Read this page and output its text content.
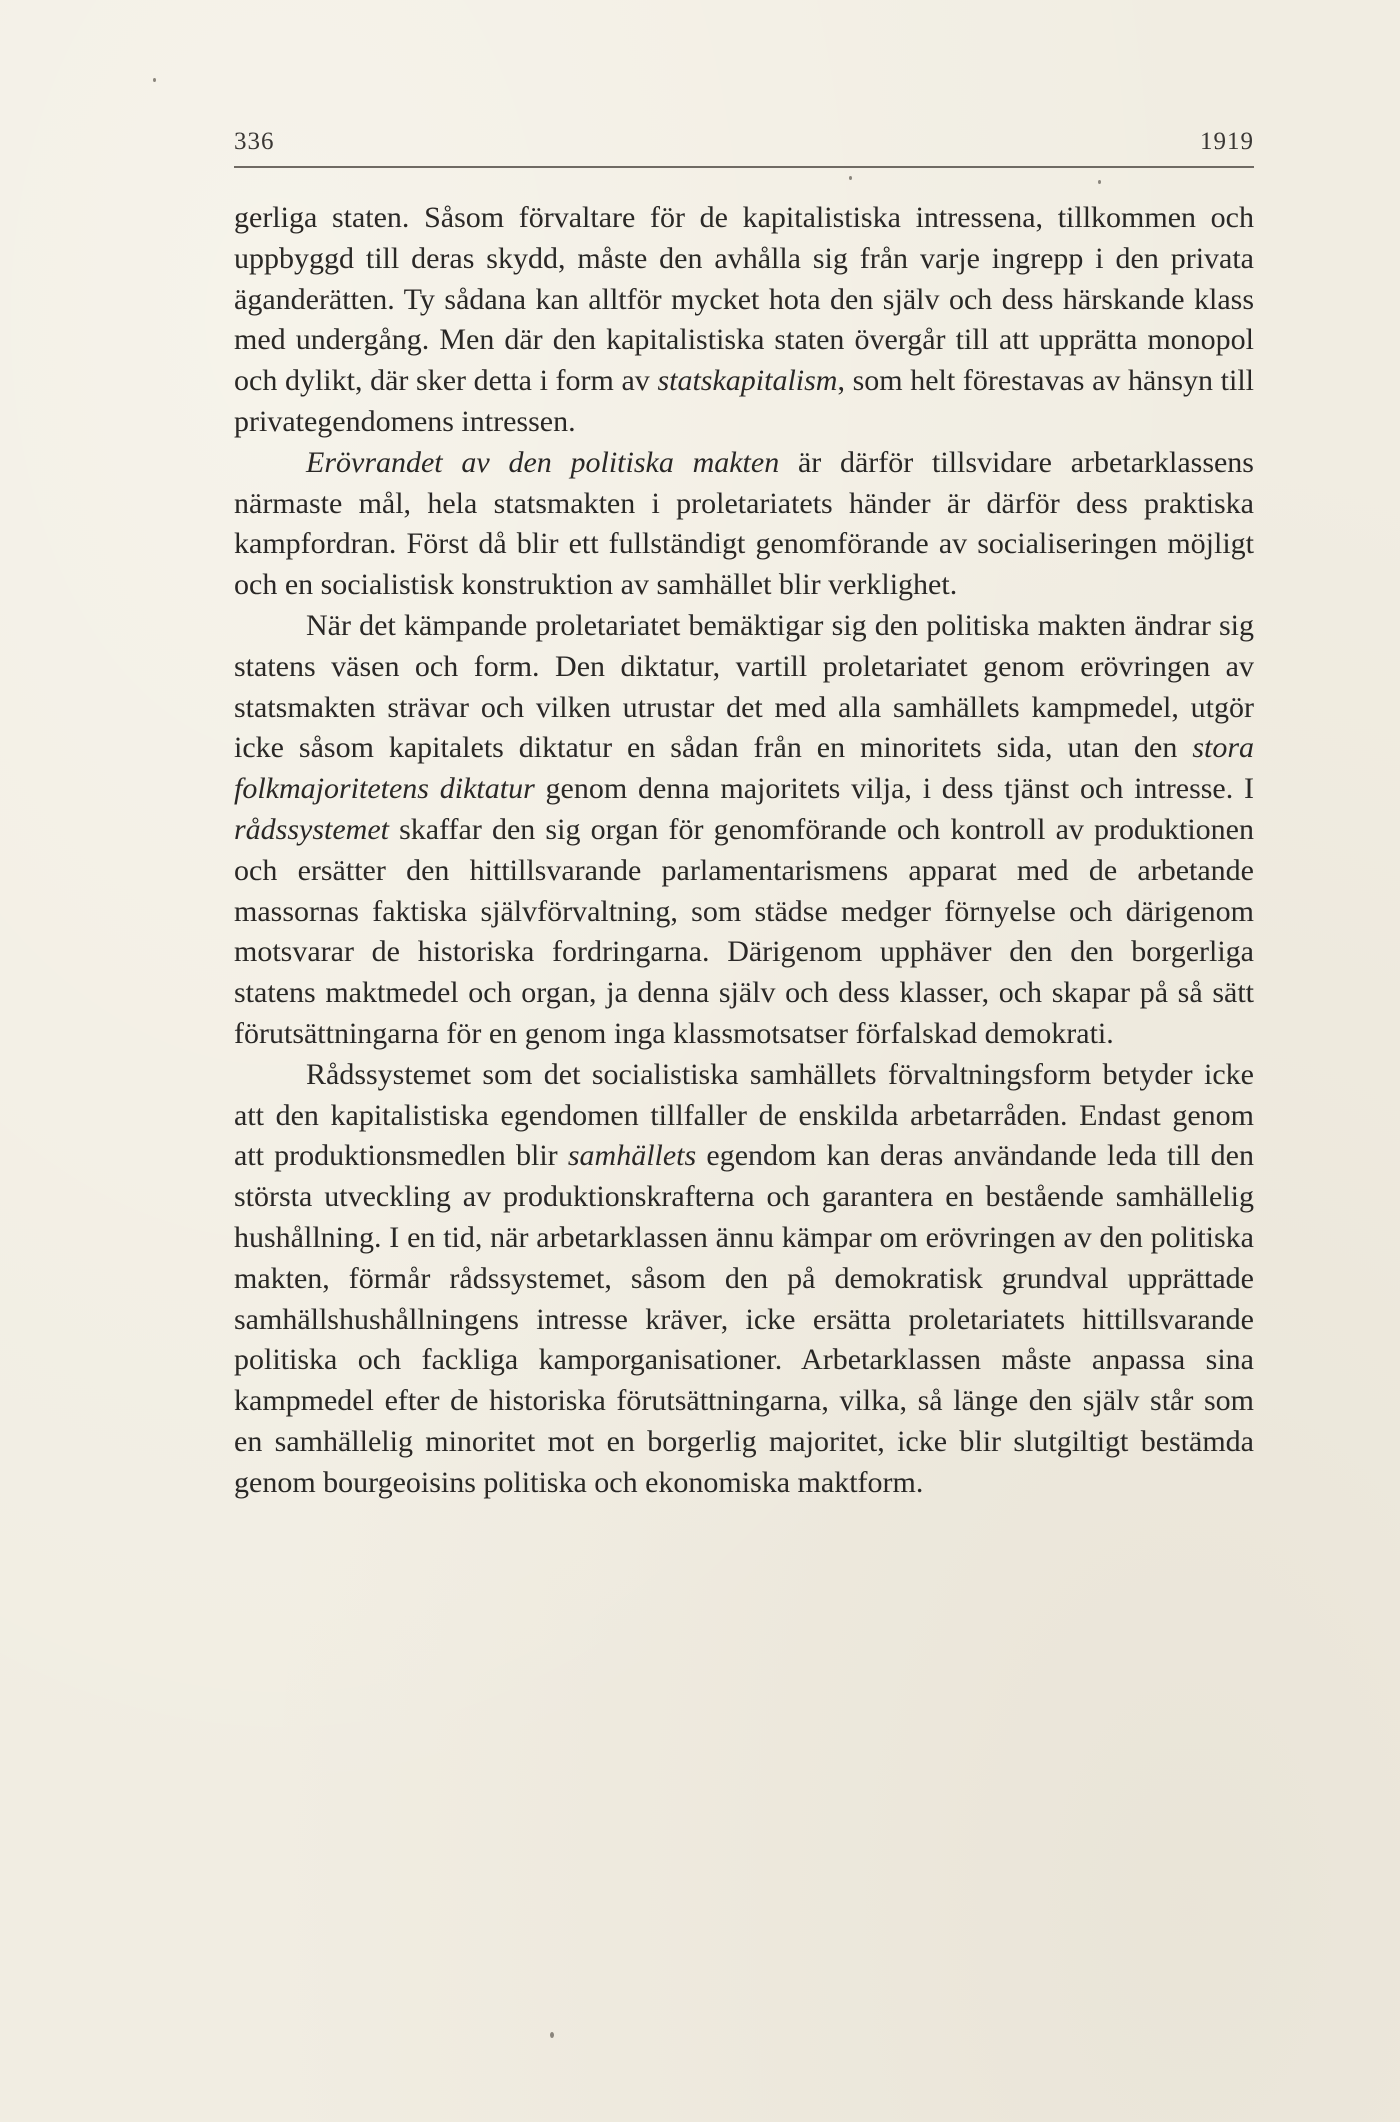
336	1919

gerliga staten. Såsom förvaltare för de kapitalistiska intressena, tillkommen och uppbyggd till deras skydd, måste den avhålla sig från varje ingrepp i den privata äganderätten. Ty sådana kan alltför mycket hota den själv och dess härskande klass med undergång. Men där den kapitalistiska staten övergår till att upprätta monopol och dylikt, där sker detta i form av statskapitalism, som helt förestavas av hänsyn till privategendomens intressen.

Erövrandet av den politiska makten är därför tillsvidare arbetarklassens närmaste mål, hela statsmakten i proletariatets händer är därför dess praktiska kampfordran. Först då blir ett fullständigt genomförande av socialiseringen möjligt och en socialistisk konstruktion av samhället blir verklighet.

När det kämpande proletariatet bemäktigar sig den politiska makten ändrar sig statens väsen och form. Den diktatur, vartill proletariatet genom erövringen av statsmakten strävar och vilken utrustar det med alla samhällets kampmedel, utgör icke såsom kapitalets diktatur en sådan från en minoritets sida, utan den stora folkmajoritetens diktatur genom denna majoritets vilja, i dess tjänst och intresse. I rådssystemet skaffar den sig organ för genomförande och kontroll av produktionen och ersätter den hittillsvarande parlamentarismens apparat med de arbetande massornas faktiska självförvaltning, som städse medger förnyelse och därigenom motsvarar de historiska fordringarna. Därigenom upphäver den den borgerliga statens maktmedel och organ, ja denna själv och dess klasser, och skapar på så sätt förutsättningarna för en genom inga klassmotsatser förfalskad demokrati.

Rådssystemet som det socialistiska samhällets förvaltningsform betyder icke att den kapitalistiska egendomen tillfaller de enskilda arbetarråden. Endast genom att produktionsmedlen blir samhällets egendom kan deras användande leda till den största utveckling av produktionskrafterna och garantera en bestående samhällelig hushållning. I en tid, när arbetarklassen ännu kämpar om erövringen av den politiska makten, förmår rådssystemet, såsom den på demokratisk grundval upprättade samhällshushållningens intresse kräver, icke ersätta proletariatets hittillsvarande politiska och fackliga kamporganisationer. Arbetarklassen måste anpassa sina kampmedel efter de historiska förutsättningarna, vilka, så länge den själv står som en samhällelig minoritet mot en borgerlig majoritet, icke blir slutgiltigt bestämda genom bourgeoisins politiska och ekonomiska maktform.
